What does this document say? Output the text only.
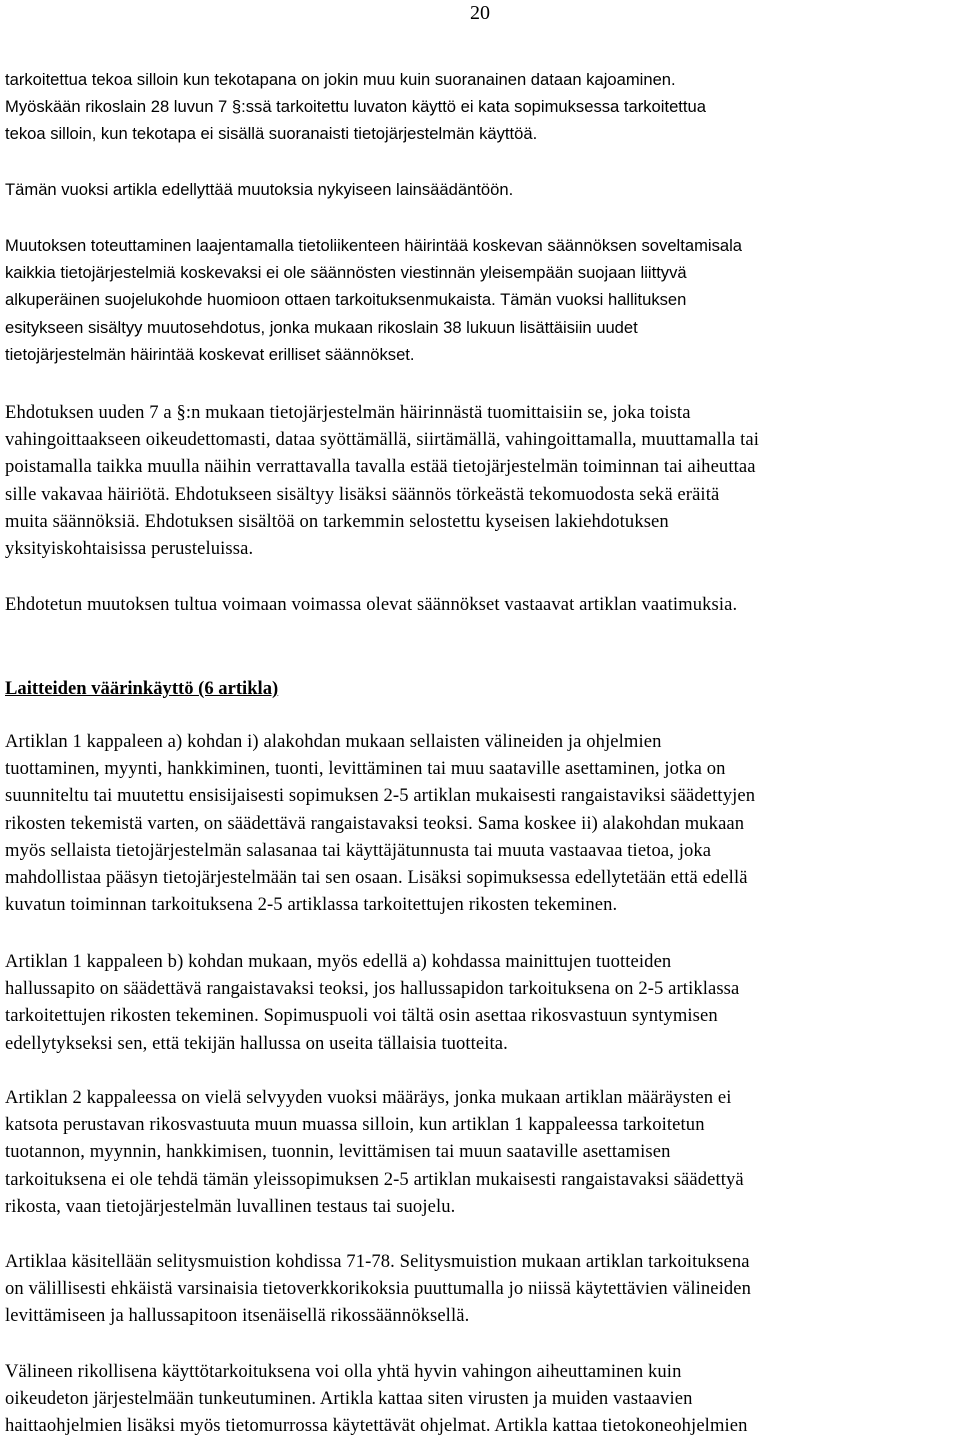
20
tarkoitettua tekoa silloin kun tekotapana on jokin muu kuin suoranainen dataan kajoaminen.
Myöskään rikoslain 28 luvun 7 §:ssä tarkoitettu luvaton käyttö ei kata sopimuksessa tarkoitettua
tekoa silloin, kun tekotapa ei sisällä suoranaisti tietojärjestelmän käyttöä.
Tämän vuoksi artikla edellyttää muutoksia nykyiseen lainsäädäntöön.
Muutoksen toteuttaminen laajentamalla tietoliikenteen häirintää koskevan säännöksen soveltamisala
kaikkia tietojärjestelmiä koskevaksi ei ole säännösten viestinnän yleisempään suojaan liittyvä
alkuperäinen suojelukohde huomioon ottaen tarkoituksenmukaista. Tämän vuoksi hallituksen
esitykseen sisältyy muutosehdotus, jonka mukaan rikoslain 38 lukuun lisättäisiin uudet
tietojärjestelmän häirintää koskevat erilliset säännökset.
Ehdotuksen uuden 7 a §:n mukaan tietojärjestelmän häirinnästä tuomittaisiin se, joka toista
vahingoittaakseen oikeudettomasti, dataa syöttämällä, siirtämällä, vahingoittamalla, muuttamalla tai
poistamalla taikka muulla näihin verrattavalla tavalla estää tietojärjestelmän toiminnan tai aiheuttaa
sille vakavaa häiriötä. Ehdotukseen sisältyy lisäksi säännös törkeästä tekomuodosta sekä eräitä
muita säännöksiä. Ehdotuksen sisältöä on tarkemmin selostettu kyseisen lakiehdotuksen
yksityiskohtaisissa perusteluissa.
Ehdotetun muutoksen tultua voimaan voimassa olevat säännökset vastaavat artiklan vaatimuksia.
Laitteiden väärinkäyttö (6 artikla)
Artiklan 1 kappaleen a) kohdan i) alakohdan mukaan sellaisten välineiden ja ohjelmien
tuottaminen, myynti, hankkiminen, tuonti, levittäminen tai muu saataville asettaminen, jotka on
suunniteltu tai muutettu ensisijaisesti sopimuksen 2-5 artiklan mukaisesti rangaistaviksi säädettyjen
rikosten tekemistä varten, on säädettävä rangaistavaksi teoksi. Sama koskee ii) alakohdan mukaan
myös sellaista tietojärjestelmän salasanaa tai käyttäjätunnusta tai muuta vastaavaa tietoa, joka
mahdollistaa pääsyn tietojärjestelmään tai sen osaan. Lisäksi sopimuksessa edellytetään että edellä
kuvatun toiminnan tarkoituksena 2-5 artiklassa tarkoitettujen rikosten tekeminen.
Artiklan 1 kappaleen b) kohdan mukaan, myös edellä a) kohdassa mainittujen tuotteiden
hallussapito on säädettävä rangaistavaksi teoksi, jos hallussapidon tarkoituksena on 2-5 artiklassa
tarkoitettujen rikosten tekeminen. Sopimuspuoli voi tältä osin asettaa rikosvastuun syntymisen
edellytykseksi sen, että tekijän hallussa on useita tällaisia tuotteita.
Artiklan 2 kappaleessa on vielä selvyyden vuoksi määräys, jonka mukaan artiklan määräysten ei
katsota perustavan rikosvastuuta muun muassa silloin, kun artiklan 1 kappaleessa tarkoitetun
tuotannon, myynnin, hankkimisen, tuonnin, levittämisen tai muun saataville asettamisen
tarkoituksena ei ole tehdä tämän yleissopimuksen 2-5 artiklan mukaisesti rangaistavaksi säädettyä
rikosta, vaan tietojärjestelmän luvallinen testaus tai suojelu.
Artiklaa käsitellään selitysmuistion kohdissa 71-78. Selitysmuistion mukaan artiklan tarkoituksena
on välillisesti ehkäistä varsinaisia tietoverkkorikoksia puuttumalla jo niissä käytettävien välineiden
levittämiseen ja hallussapitoon itsenäisellä rikossäännöksellä.
Välineen rikollisena käyttötarkoituksena voi olla yhtä hyvin vahingon aiheuttaminen kuin
oikeudeton järjestelmään tunkeutuminen. Artikla kattaa siten virusten ja muiden vastaavien
haittaohjelmien lisäksi myös tietomurrossa käytettävät ohjelmat. Artikla kattaa tietokoneohjelmien
